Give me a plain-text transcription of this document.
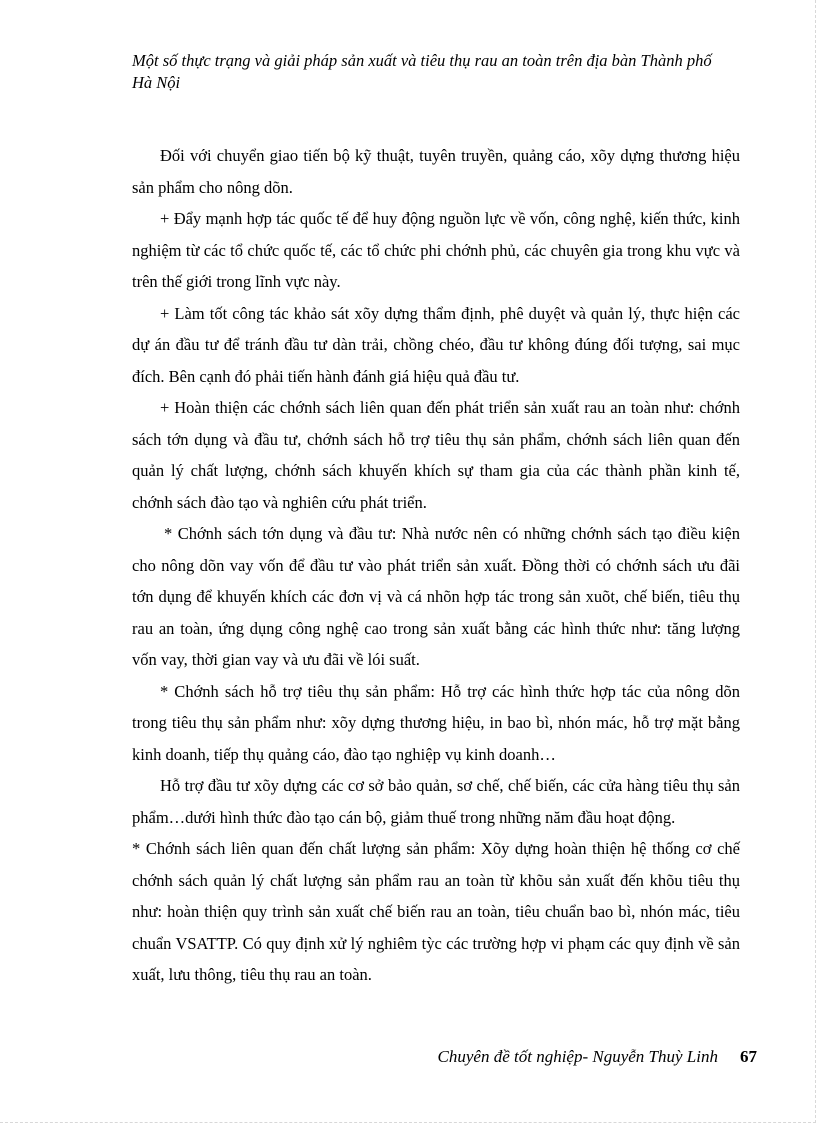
Một số thực trạng và giải pháp sản xuất và tiêu thụ rau an toàn trên địa bàn Thành phố Hà Nội

Đối với chuyển giao tiến bộ kỹ thuật, tuyên truyền, quảng cáo, xõy dựng thương hiệu sản phẩm cho nông dõn.

+ Đẩy mạnh hợp tác quốc tế để huy động nguồn lực về vốn, công nghệ, kiến thức, kinh nghiệm từ các tổ chức quốc tế, các tổ chức phi chớnh phủ, các chuyên gia trong khu vực và trên thế giới trong lĩnh vực này.

+ Làm tốt công tác khảo sát xõy dựng thẩm định, phê duyệt và quản lý, thực hiện các dự án đầu tư để tránh đầu tư dàn trải, chồng chéo, đầu tư không đúng đối tượng, sai mục đích. Bên cạnh đó phải tiến hành đánh giá hiệu quả đầu tư.

+ Hoàn thiện các chớnh sách liên quan đến phát triển sản xuất rau an toàn như: chớnh sách tớn dụng và đầu tư, chớnh sách hỗ trợ tiêu thụ sản phẩm, chớnh sách liên quan đến quản lý chất lượng, chớnh sách khuyến khích sự tham gia của các thành phần kinh tế, chớnh sách đào tạo và nghiên cứu phát triển.

* Chớnh sách tớn dụng và đầu tư: Nhà nước nên có những chớnh sách tạo điều kiện cho nông dõn vay vốn để đầu tư vào phát triển sản xuất. Đồng thời có chớnh sách ưu đãi tớn dụng để khuyến khích các đơn vị và cá nhõn hợp tác trong sản xuõt, chế biến, tiêu thụ rau an toàn, ứng dụng công nghệ cao trong sản xuất bằng các hình thức như: tăng lượng vốn vay, thời gian vay và ưu đãi về lói suất.

* Chớnh sách hỗ trợ tiêu thụ sản phẩm: Hỗ trợ các hình thức hợp tác của nông dõn trong tiêu thụ sản phẩm như: xõy dựng thương hiệu, in bao bì, nhón mác, hỗ trợ mặt bằng kinh doanh, tiếp thụ quảng cáo, đào tạo nghiệp vụ kinh doanh…

Hỗ trợ đầu tư xõy dựng các cơ sở bảo quản, sơ chế, chế biến, các cửa hàng tiêu thụ sản phẩm…dưới hình thức đào tạo cán bộ, giảm thuế trong những năm đầu hoạt động.

* Chớnh sách liên quan đến chất lượng sản phẩm: Xõy dựng hoàn thiện hệ thống cơ chế chớnh sách quản lý chất lượng sản phẩm rau an toàn từ khõu sản xuất đến khõu tiêu thụ như: hoàn thiện quy trình sản xuất chế biến rau an toàn, tiêu chuẩn bao bì, nhón mác, tiêu chuẩn VSATTP. Có quy định xử lý nghiêm tỳc các trường hợp vi phạm các quy định về sản xuất, lưu thông, tiêu thụ rau an toàn.

Chuyên đề tốt nghiệp- Nguyễn Thuỳ Linh 67
